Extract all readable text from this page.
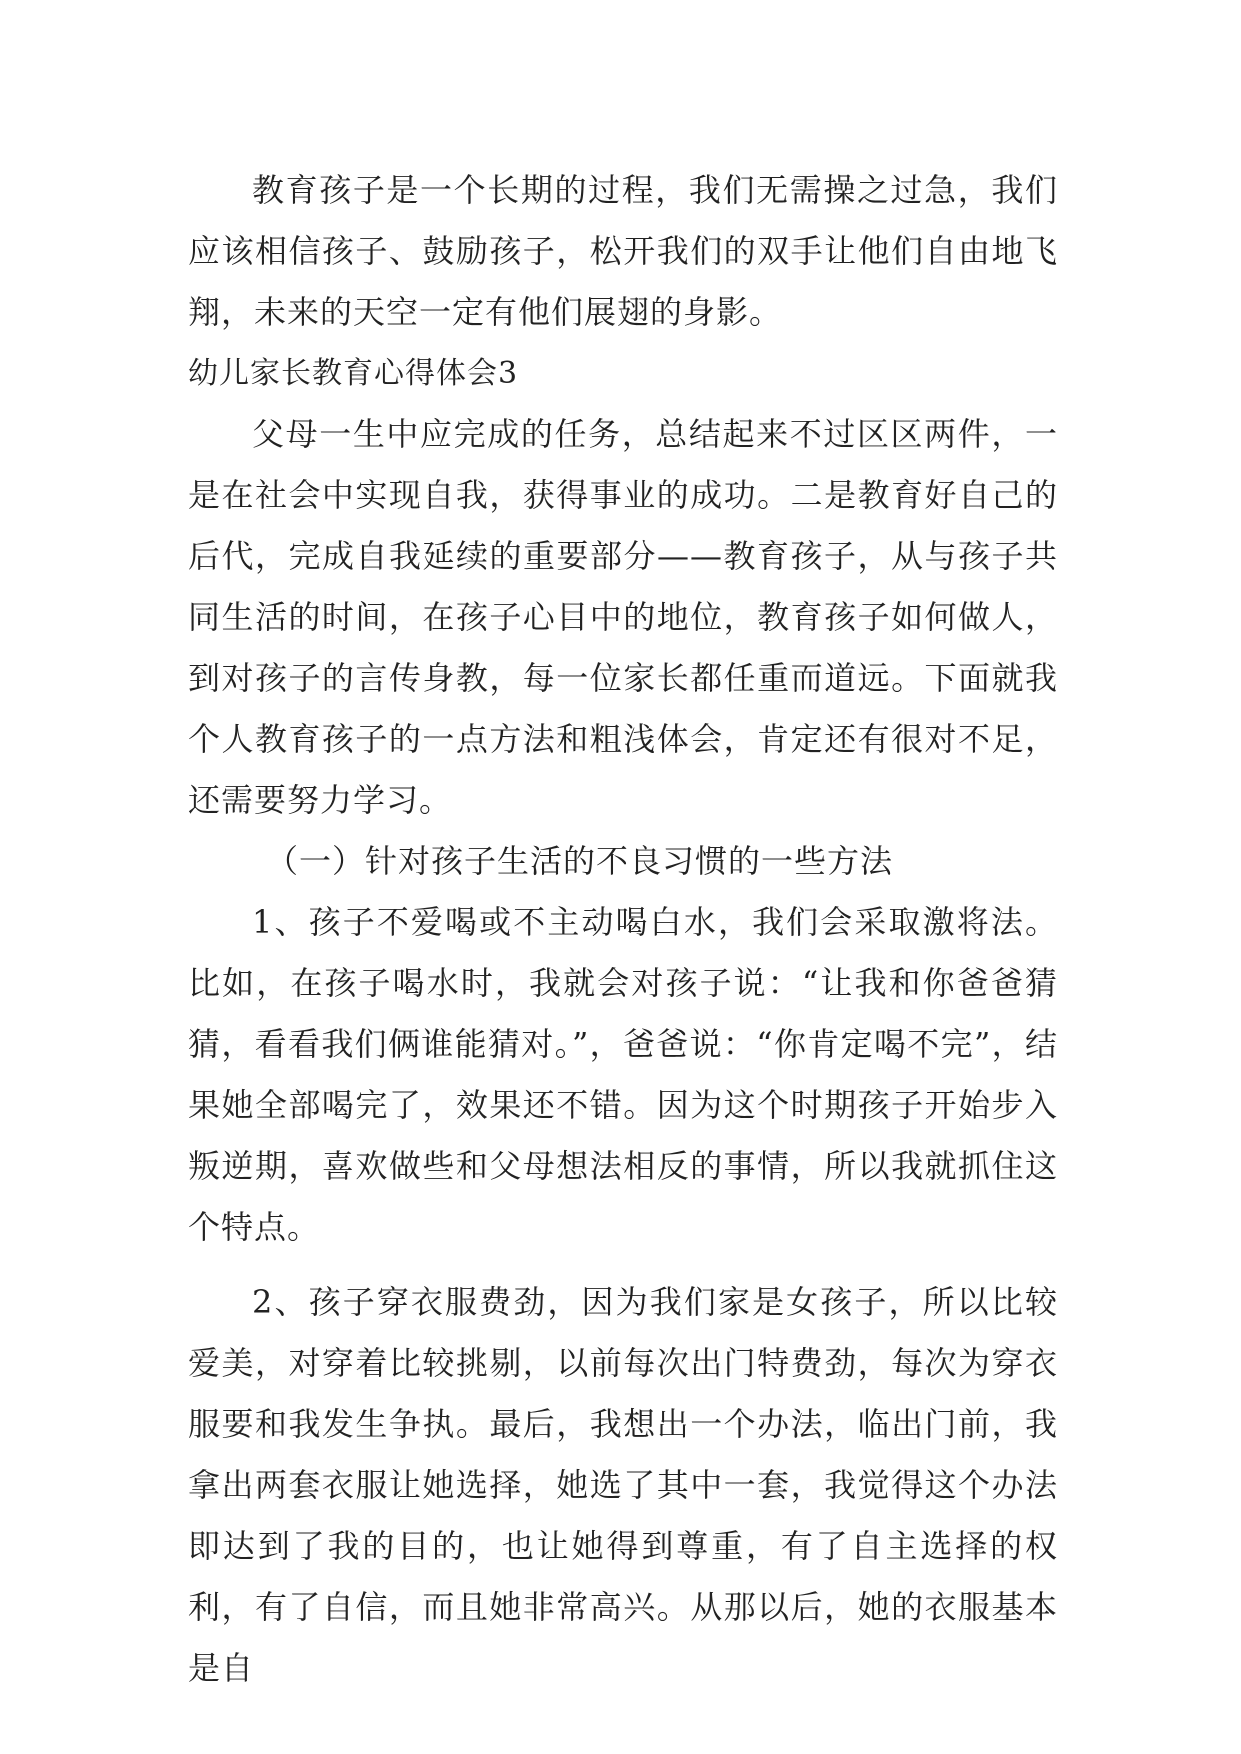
教育孩子是一个长期的过程，我们无需操之过急，我们应该相信孩子、鼓励孩子，松开我们的双手让他们自由地飞翔，未来的天空一定有他们展翅的身影。

幼儿家长教育心得体会3

父母一生中应完成的任务，总结起来不过区区两件，一是在社会中实现自我，获得事业的成功。二是教育好自己的后代，完成自我延续的重要部分——教育孩子，从与孩子共同生活的时间，在孩子心目中的地位，教育孩子如何做人，到对孩子的言传身教，每一位家长都任重而道远。下面就我个人教育孩子的一点方法和粗浅体会，肯定还有很对不足，还需要努力学习。

（一）针对孩子生活的不良习惯的一些方法

1、孩子不爱喝或不主动喝白水，我们会采取激将法。比如，在孩子喝水时，我就会对孩子说：“让我和你爸爸猜猜，看看我们俩谁能猜对。”，爸爸说：“你肯定喝不完”，结果她全部喝完了，效果还不错。因为这个时期孩子开始步入叛逆期，喜欢做些和父母想法相反的事情，所以我就抓住这个特点。

2、孩子穿衣服费劲，因为我们家是女孩子，所以比较爱美，对穿着比较挑剔，以前每次出门特费劲，每次为穿衣服要和我发生争执。最后，我想出一个办法，临出门前，我拿出两套衣服让她选择，她选了其中一套，我觉得这个办法即达到了我的目的，也让她得到尊重，有了自主选择的权利，有了自信，而且她非常高兴。从那以后，她的衣服基本是自
